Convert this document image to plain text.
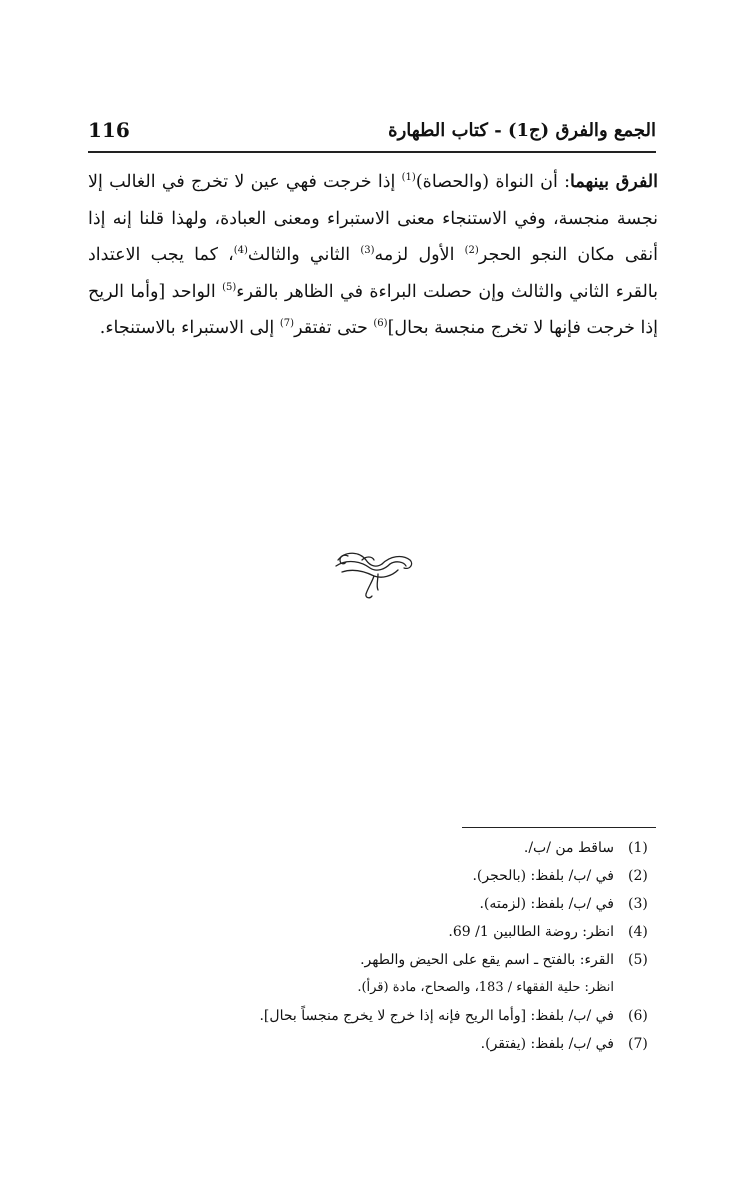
116	الجمع والفرق (ج1) - كتاب الطهارة
الفرق بينهما: أن النواة (والحصاة)$^{(1)}$ إذا خرجت فهي عين لا تخرج في الغالب إلا نجسة منجسة، وفي الاستنجاء معنى الاستبراء ومعنى العبادة، ولهذا قلنا إنه إذا أنقى مكان النجو الحجر$^{(2)}$ الأول لزمه$^{(3)}$ الثاني والثالث$^{(4)}$، كما يجب الاعتداد بالقرء الثاني والثالث وإن حصلت البراءة في الظاهر بالقرء$^{(5)}$ الواحد [وأما الريح إذا خرجت فإنها لا تخرج منجسة بحال]$^{(6)}$ حتى تفتقر$^{(7)}$ إلى الاستبراء بالاستنجاء.
(1)
ساقط من /ب/.
(2)
في /ب/ بلفظ: (بالحجر).
(3)
في /ب/ بلفظ: (لزمته).
(4)
انظر: روضة الطالبين 1/ 69.
(5)
القرء: بالفتح ـ اسم يقع على الحيض والطهر.
انظر: حلية الفقهاء / 183، والصحاح، مادة (قرأ).
(6)
في /ب/ بلفظ: [وأما الريح فإنه إذا خرج لا يخرج منجساً بحال].
(7)
في /ب/ بلفظ: (يفتقر).
